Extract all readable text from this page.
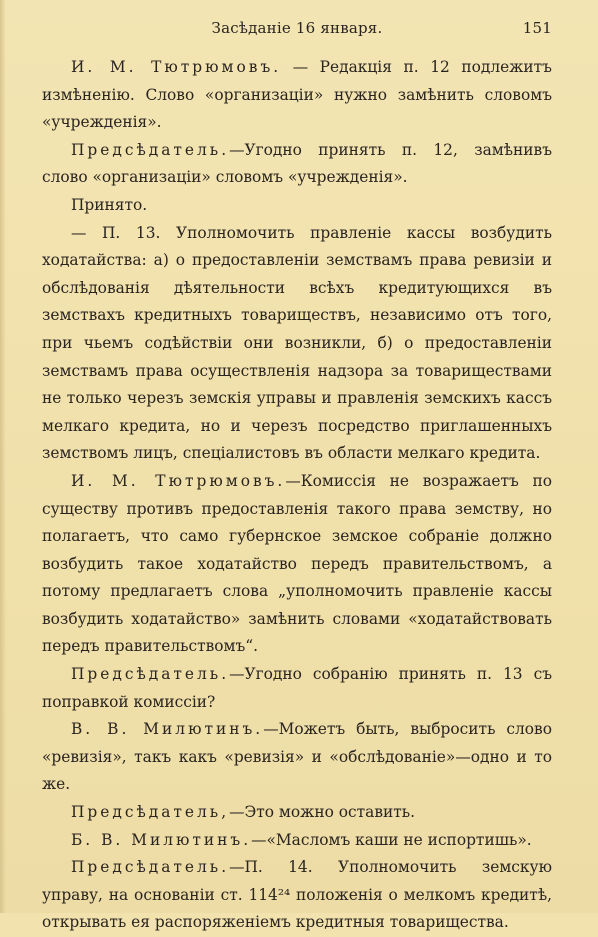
Засѣданіе 16 января.	151

И. М. Тютрюмовъ. — Редакція п. 12 подлежитъ измѣненію. Слово «организаціи» нужно замѣнить словомъ «учрежденія».

Предсѣдатель.—Угодно принять п. 12, замѣнивъ слово «организаціи» словомъ «учрежденія».

Принято.

— П. 13. Уполномочить правленіе кассы возбудить ходатайства: а) о предоставленіи земствамъ права ревизіи и обслѣдованія дѣятельности всѣхъ кредитующихся въ земствахъ кредитныхъ товариществъ, независимо отъ того, при чьемъ содѣйствіи они возникли, б) о предоставленіи земствамъ права осуществленія надзора за товариществами не только черезъ земскія управы и правленія земскихъ кассъ мелкаго кредита, но и черезъ посредство приглашенныхъ земствомъ лицъ, спеціалистовъ въ области мелкаго кредита.

И. М. Тютрюмовъ.—Комиссія не возражаетъ по существу противъ предоставленія такого права земству, но полагаетъ, что само губернское земское собраніе должно возбудить такое ходатайство передъ правительствомъ, а потому предлагаетъ слова „уполномочить правленіе кассы возбудить ходатайство» замѣнить словами «ходатайствовать передъ правительствомъ“.

Предсѣдатель.—Угодно собранію принять п. 13 съ поправкой комиссіи?

В. В. Милютинъ.—Можетъ быть, выбросить слово «ревизія», такъ какъ «ревизія» и «обслѣдованіе»—одно и то же.

Предсѣдатель,—Это можно оставить.

Б. В. Милютинъ.—«Масломъ каши не испортишь».

Предсѣдатель.—П. 14. Уполномочить земскую управу, на основаніи ст. 114²⁴ положенія о мелкомъ кредитѣ, открывать ея распоряженіемъ кредитныя товарищества.
